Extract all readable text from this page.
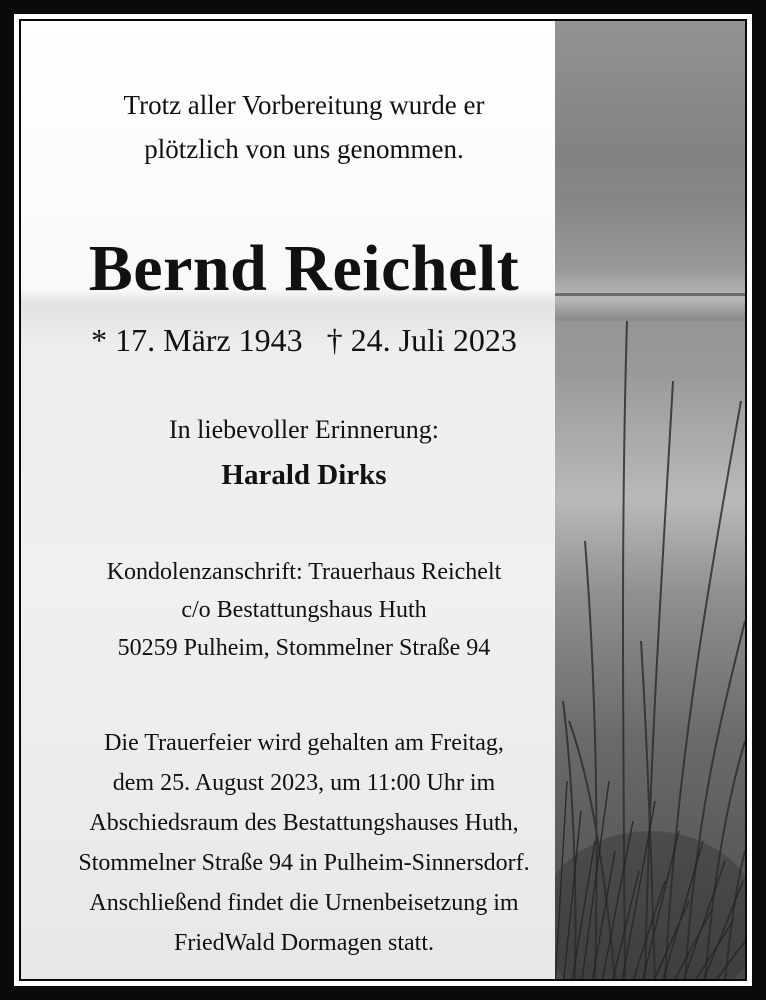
Trotz aller Vorbereitung wurde er
plötzlich von uns genommen.
Bernd Reichelt
* 17. März 1943 † 24. Juli 2023
In liebevoller Erinnerung:
Harald Dirks
Kondolenzanschrift: Trauerhaus Reichelt
c/o Bestattungshaus Huth
50259 Pulheim, Stommelner Straße 94
Die Trauerfeier wird gehalten am Freitag,
dem 25. August 2023, um 11:00 Uhr im
Abschiedsraum des Bestattungshauses Huth,
Stommelner Straße 94 in Pulheim-Sinnersdorf.
Anschließend findet die Urnenbeisetzung im
FriedWald Dormagen statt.
